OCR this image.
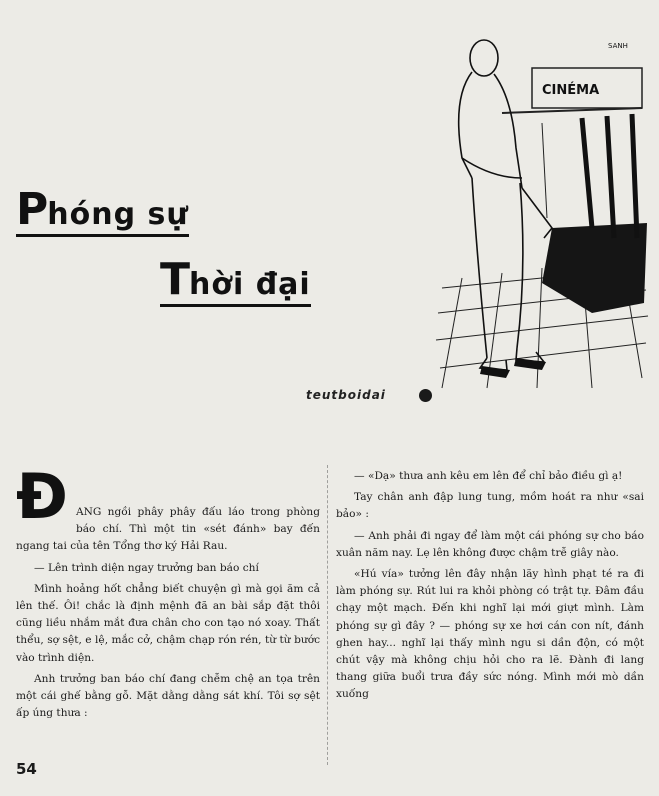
Phóng sự
Thời đại
teutboidai
CINÉMA
SANH

Đ ANG ngồi phây phây đấu láo trong phòng báo chí. Thì một tin «sét đánh» bay đến ngang tai của tên Tổng thơ ký Hải Rau.

— Lên trình diện ngay trưởng ban báo chí

Mình hoảng hốt chẳng biết chuyện gì mà gọi ăm cả lên thế. Ôi! chắc là định mệnh đã an bài sắp đặt thôi cũng liều nhắm mắt đưa chân cho con tạo nó xoay. Thất thểu, sợ sệt, e lệ, mắc cở, chậm chạp rón rén, từ từ bước vào trình diện.

Anh trưởng ban báo chí đang chễm chệ an tọa trên một cái ghế bằng gỗ. Mặt dằng dằng sát khí. Tôi sợ sệt ấp úng thưa :

— «Dạ» thưa anh kêu em lên để chỉ bảo điều gì ạ!

Tay chân anh đập lung tung, mồm hoát ra như «sai bảo» :

— Anh phải đi ngay để làm một cái phóng sự cho báo xuân năm nay. Lẹ lên không được chậm trễ giây nào.

«Hú vía» tưởng lên đây nhận lãy hình phạt té ra đi làm phóng sự. Rút lui ra khỏi phòng có trật tự. Đâm đầu chạy một mạch. Đến khi nghĩ lại mới giựt mình. Làm phóng sự gì đây ? — phóng sự xe hơi cán con nít, đánh ghen hay... nghĩ lại thấy mình ngu si dần độn, có một chút vậy mà không chịu hỏi cho ra lẽ. Đành đi lang thang giữa buổi trưa đầy sức nóng. Mình mới mò dần xuống

54
